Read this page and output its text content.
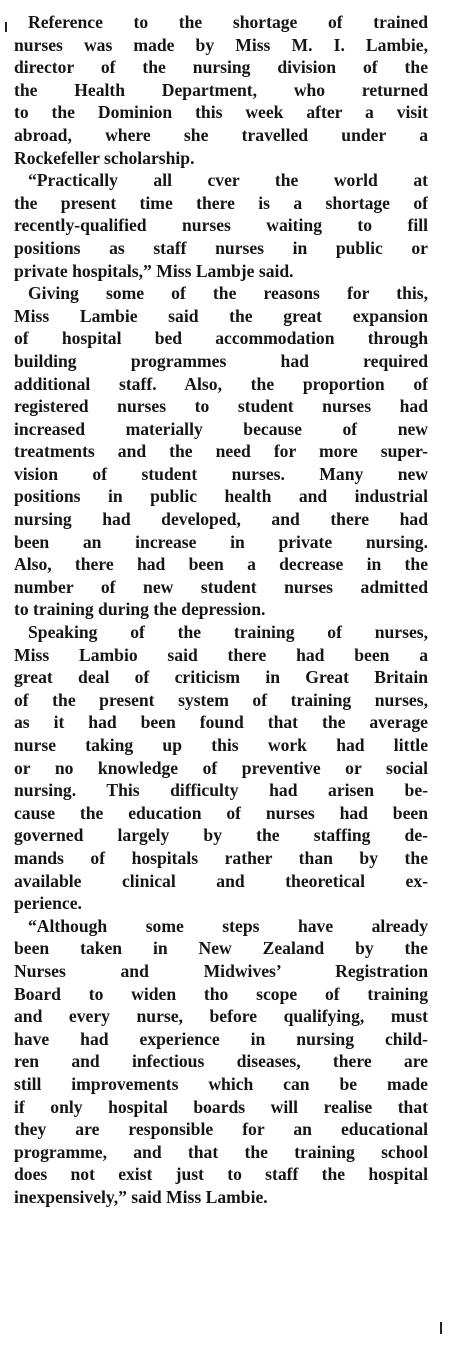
Reference to the shortage of trained
nurses was made by Miss M. I. Lambie,
director of the nursing division of the
the Health Department, who returned
to the Dominion this week after a visit
abroad, where she travelled under a
Rockefeller scholarship.
“Practically all cver the world at
the present time there is a shortage of
recently-qualified nurses waiting to fill
positions as staff nurses in public or
private hospitals,” Miss Lambje said.
Giving some of the reasons for this,
Miss Lambie said the great expansion
of hospital bed accommodation through
building programmes had required
additional staff. Also, the proportion of
registered nurses to student nurses had
increased materially because of new
treatments and the need for more super-
vision of student nurses. Many new
positions in public health and industrial
nursing had developed, and there had
been an increase in private nursing.
Also, there had been a decrease in the
number of new student nurses admitted
to training during the depression.
Speaking of the training of nurses,
Miss Lambio said there had been a
great deal of criticism in Great Britain
of the present system of training nurses,
as it had been found that the average
nurse taking up this work had little
or no knowledge of preventive or social
nursing. This difficulty had arisen be-
cause the education of nurses had been
governed largely by the staffing de-
mands of hospitals rather than by the
available clinical and theoretical ex-
perience.
“Although some steps have already
been taken in New Zealand by the
Nurses and Midwives’ Registration
Board to widen tho scope of training
and every nurse, before qualifying, must
have had experience in nursing child-
ren and infectious diseases, there are
still improvements which can be made
if only hospital boards will realise that
they are responsible for an educational
programme, and that the training school
does not exist just to staff the hospital
inexpensively,” said Miss Lambie.
